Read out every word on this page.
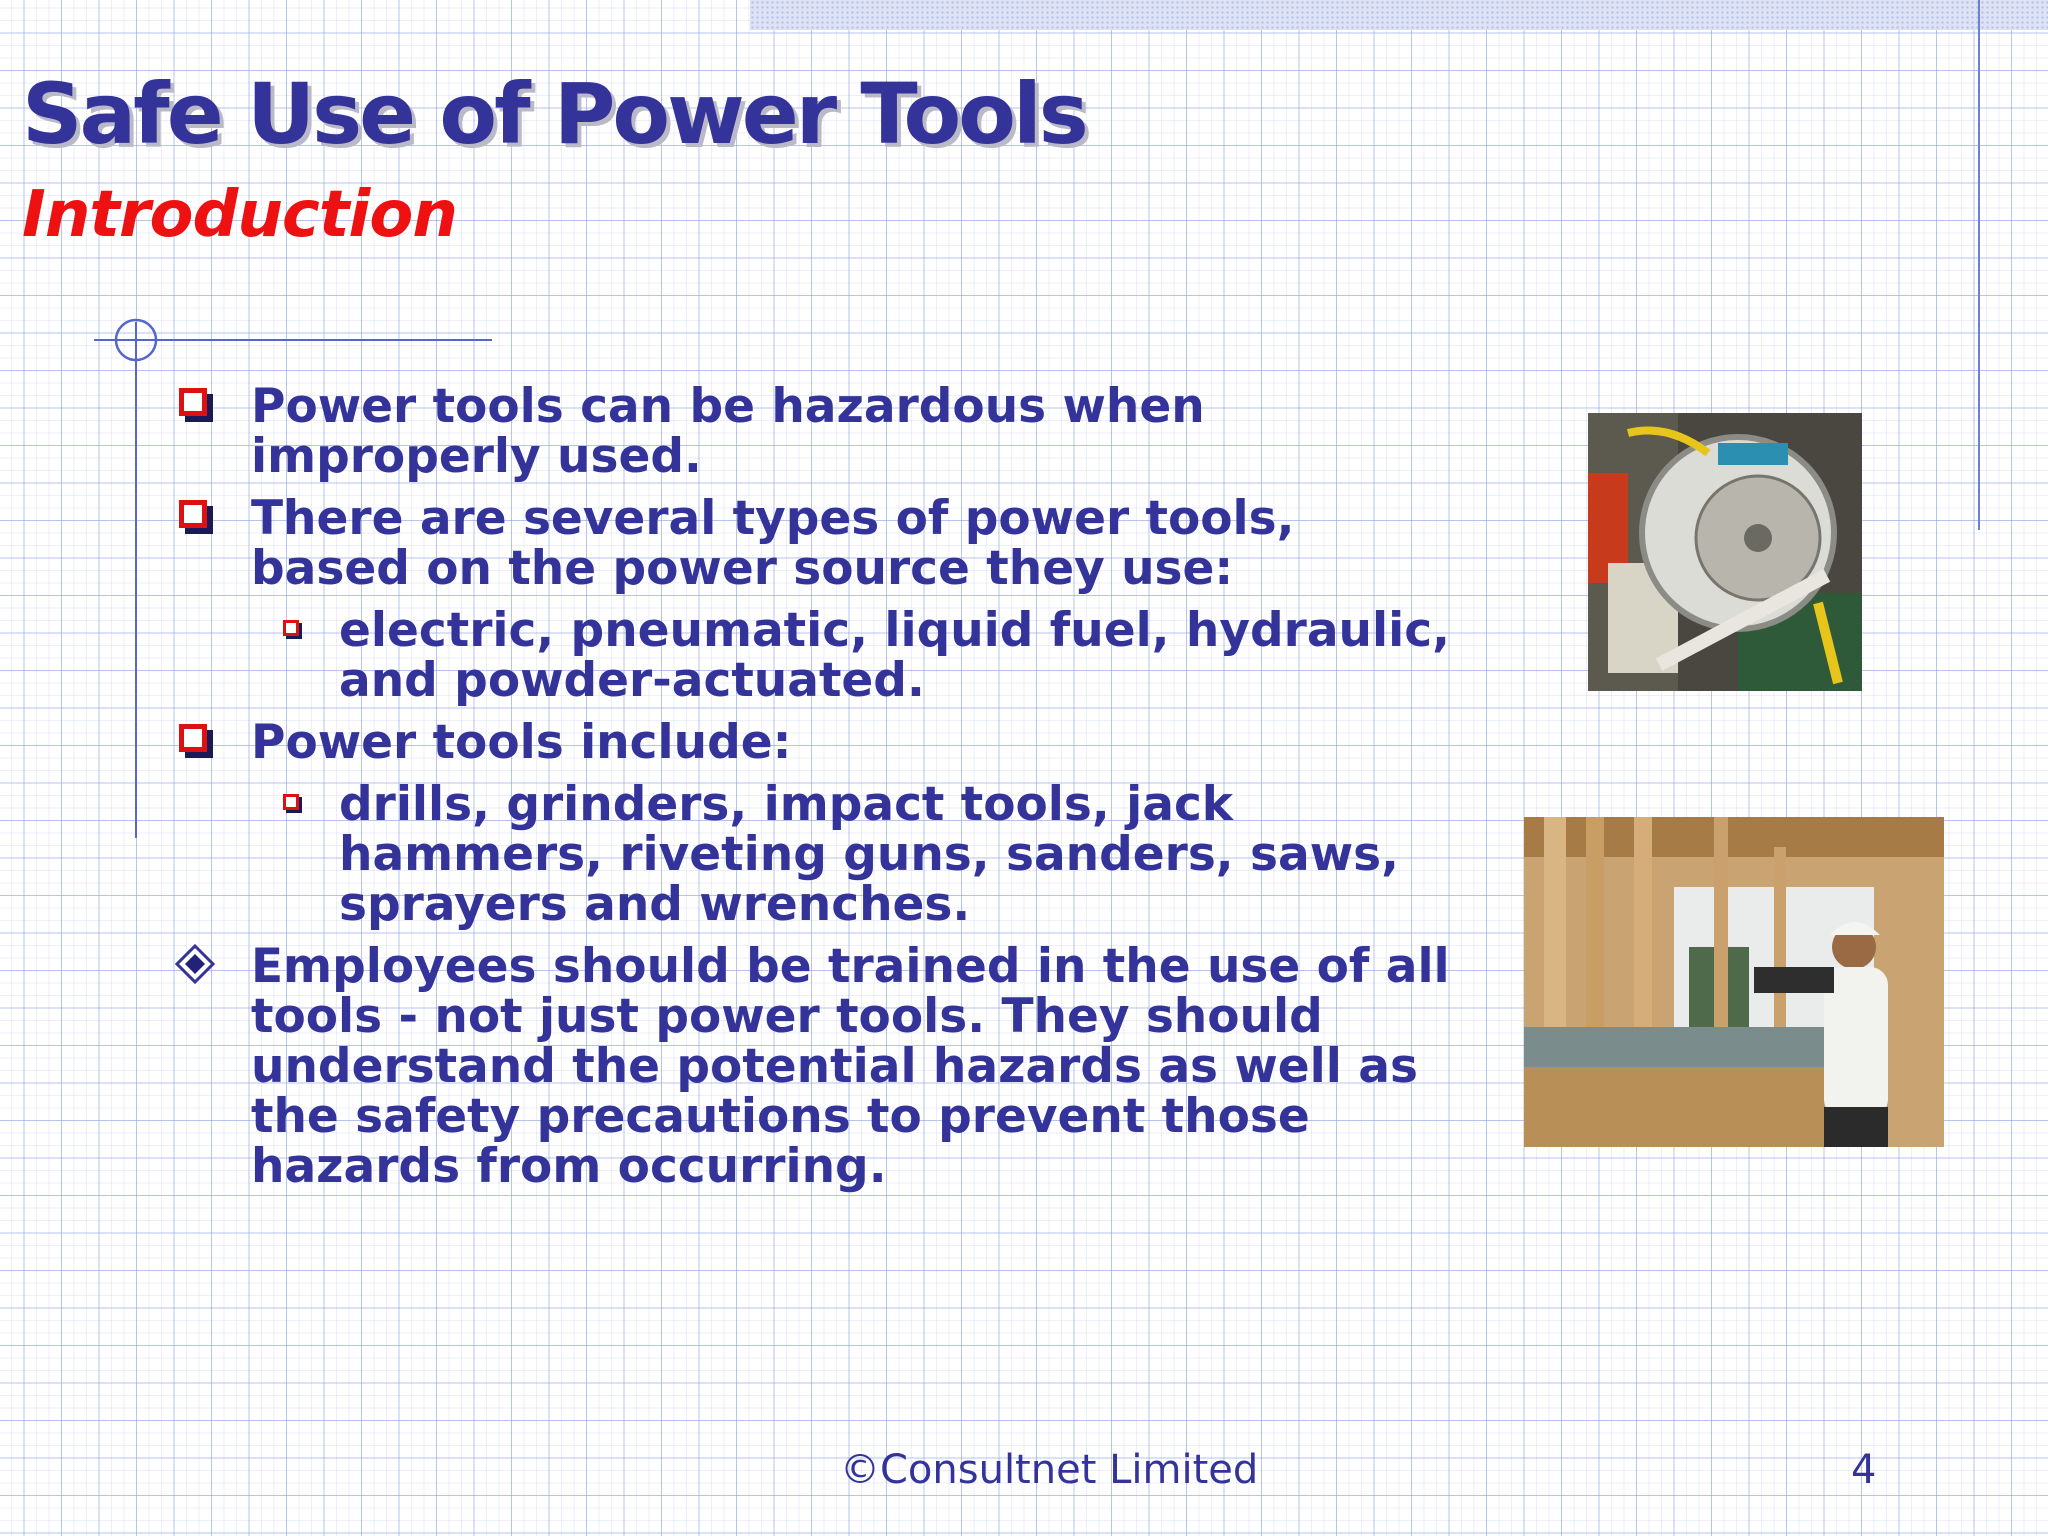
Safe Use of Power Tools
Introduction
Power tools can be hazardous when improperly used.
There are several types of power tools, based on the power source they use:
electric, pneumatic, liquid fuel, hydraulic, and powder-actuated.
Power tools include:
drills, grinders, impact tools, jack hammers, riveting guns, sanders, saws, sprayers and wrenches.
Employees should be trained in the use of all tools - not just power tools. They should understand the potential hazards as well as the safety precautions to prevent those hazards from occurring.
©Consultnet Limited	4
